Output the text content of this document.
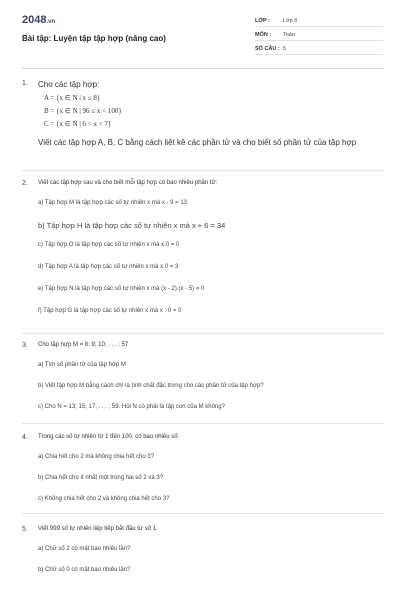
2048.vn
Bài tập: Luyện tập tập hợp (nâng cao)
LỚP : Lớp 6
MÔN : Toán
SỐ CÂU : 5
1. Cho các tập hợp:
A = {x ∈ N | x ≤ 8}
B = {x ∈ N | 96 ≤ x < 100}
C = {x ∈ N | 6 < x < 7}
Viết các tập hợp A, B, C bằng cách liệt kê các phần tử và cho biết số phần tử của tập hợp
2. Viết các tập hợp sau và cho biết mỗi tập hợp có bao nhiêu phần tử:
a) Tập hợp M là tập hợp các số tự nhiên x mà x - 9 = 13
b) Tập hợp H là tập hợp các số tự nhiên x mà x + 6 = 34
c) Tập hợp O là tập hợp các số tự nhiên x mà x.0 = 0
d) Tập hợp A là tập hợp các số tự nhiên x mà x.0 = 3
e) Tập hợp N là tập hợp các số tự nhiên x mà (x - 2).(x - 5) = 0
f) Tập hợp G là tập hợp các số tự nhiên x mà x : 0 = 0
3. Cho tập hợp M = 8; 9; 10; . . . ; 57
a) Tìm số phần tử của tập hợp M
b) Viết tập hợp M bằng cách chỉ ra tính chất đặc trưng cho các phần tử của tập hợp?
c) Cho N = 13; 15; 17; . . . ; 59. Hỏi N có phải là tập con của M không?
4. Trong các số tự nhiên từ 1 đến 100, có bao nhiêu số:
a) Chia hết cho 2 mà không chia hết cho 3?
b) Chia hết cho ít nhất một trong hai số 2 và 3?
c) Không chia hết cho 2 và không chia hết cho 3?
5. Viết 999 số tự nhiên liệp tiếp bắt đầu từ số 1.
a) Chữ số 2 có mặt bao nhiêu lần?
b) Chữ số 0 có mặt bao nhiêu lần?
